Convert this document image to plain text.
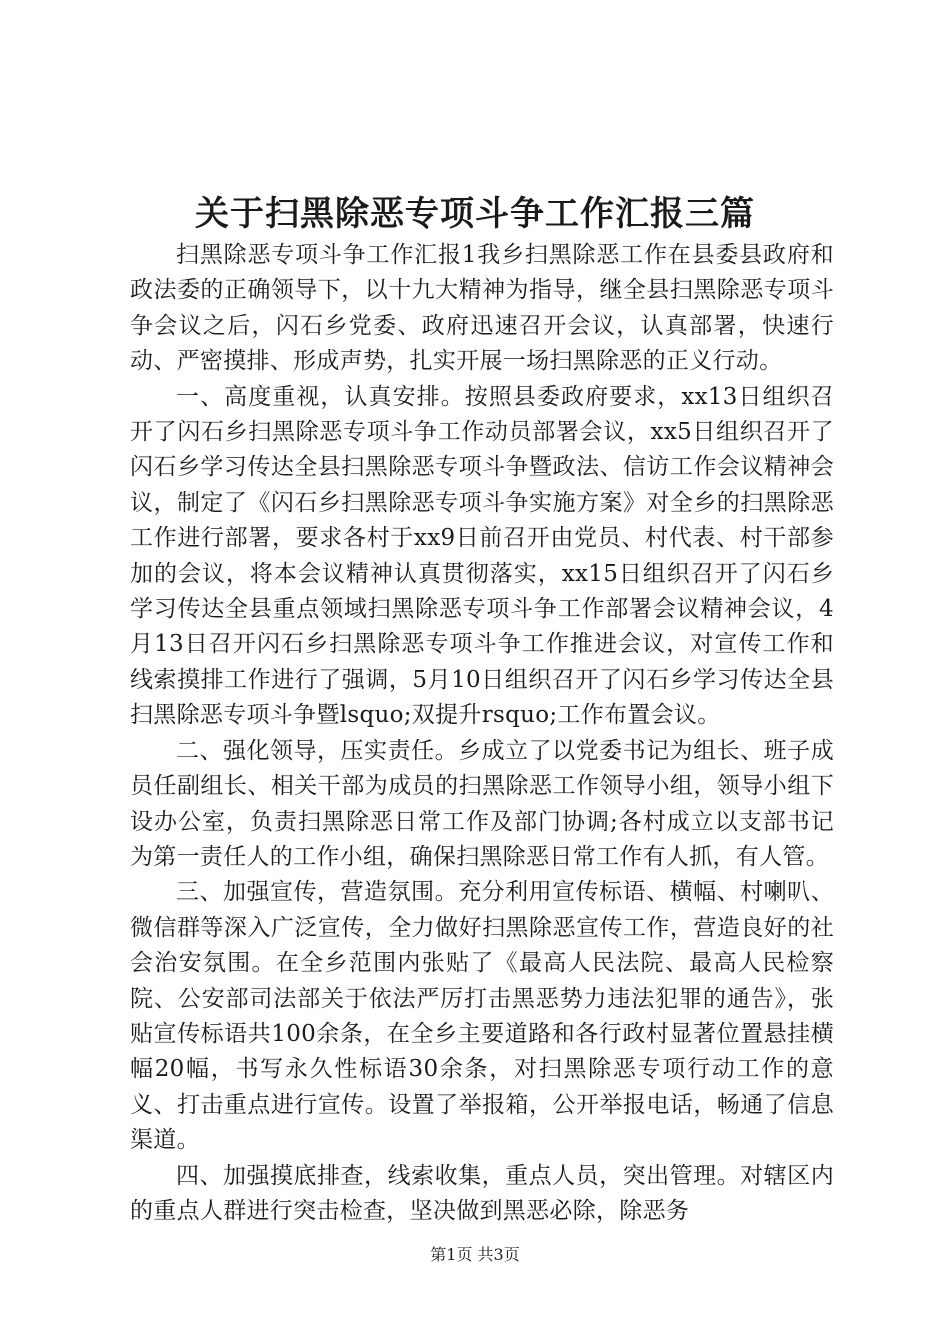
关于扫黑除恶专项斗争工作汇报三篇

扫黑除恶专项斗争工作汇报1我乡扫黑除恶工作在县委县政府和政法委的正确领导下，以十九大精神为指导，继全县扫黑除恶专项斗争会议之后，闪石乡党委、政府迅速召开会议，认真部署，快速行动、严密摸排、形成声势，扎实开展一场扫黑除恶的正义行动。

一、高度重视，认真安排。按照县委政府要求，xx13日组织召开了闪石乡扫黑除恶专项斗争工作动员部署会议，xx5日组织召开了闪石乡学习传达全县扫黑除恶专项斗争暨政法、信访工作会议精神会议，制定了《闪石乡扫黑除恶专项斗争实施方案》对全乡的扫黑除恶工作进行部署，要求各村于xx9日前召开由党员、村代表、村干部参加的会议，将本会议精神认真贯彻落实，xx15日组织召开了闪石乡学习传达全县重点领域扫黑除恶专项斗争工作部署会议精神会议，4月13日召开闪石乡扫黑除恶专项斗争工作推进会议，对宣传工作和线索摸排工作进行了强调，5月10日组织召开了闪石乡学习传达全县扫黑除恶专项斗争暨lsquo;双提升rsquo;工作布置会议。

二、强化领导，压实责任。乡成立了以党委书记为组长、班子成员任副组长、相关干部为成员的扫黑除恶工作领导小组，领导小组下设办公室，负责扫黑除恶日常工作及部门协调;各村成立以支部书记为第一责任人的工作小组，确保扫黑除恶日常工作有人抓，有人管。

三、加强宣传，营造氛围。充分利用宣传标语、横幅、村喇叭、微信群等深入广泛宣传，全力做好扫黑除恶宣传工作，营造良好的社会治安氛围。在全乡范围内张贴了《最高人民法院、最高人民检察院、公安部司法部关于依法严厉打击黑恶势力违法犯罪的通告》，张贴宣传标语共100余条，在全乡主要道路和各行政村显著位置悬挂横幅20幅，书写永久性标语30余条，对扫黑除恶专项行动工作的意义、打击重点进行宣传。设置了举报箱，公开举报电话，畅通了信息渠道。

四、加强摸底排查，线索收集，重点人员，突出管理。对辖区内的重点人群进行突击检查，坚决做到黑恶必除，除恶务

第1页 共3页
